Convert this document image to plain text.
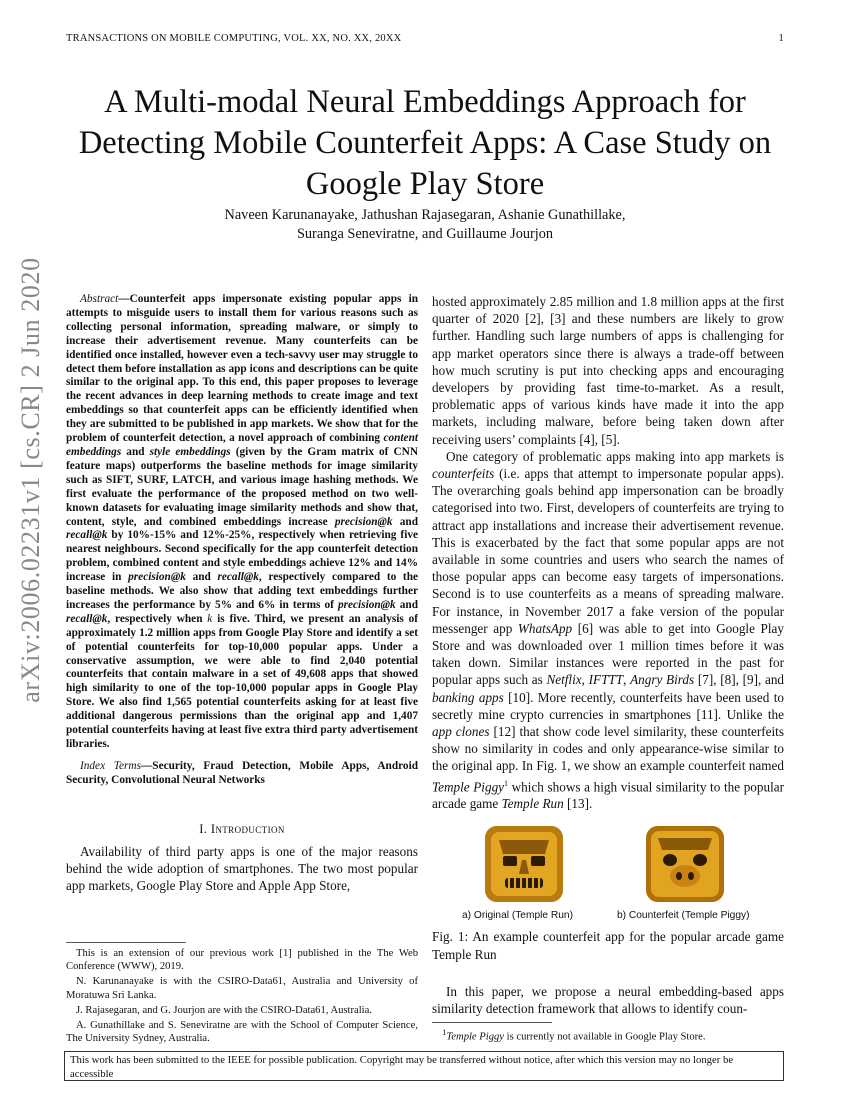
TRANSACTIONS ON MOBILE COMPUTING, VOL. XX, NO. XX, 20XX	1
A Multi-modal Neural Embeddings Approach for Detecting Mobile Counterfeit Apps: A Case Study on Google Play Store
Naveen Karunanayake, Jathushan Rajasegaran, Ashanie Gunathillake,
Suranga Seneviratne, and Guillaume Jourjon
arXiv:2006.02231v1 [cs.CR] 2 Jun 2020	Abstract—Counterfeit apps impersonate existing popular apps in attempts to misguide users to install them for various reasons such as collecting personal information, spreading malware, or simply to increase their advertisement revenue. Many counterfeits can be identified once installed, however even a tech-savvy user may struggle to detect them before installation as app icons and descriptions can be quite similar to the original app. To this end, this paper proposes to leverage the recent advances in deep learning methods to create image and text embeddings so that counterfeit apps can be efficiently identified when they are submitted to be published in app markets. We show that for the problem of counterfeit detection, a novel approach of combining content embeddings and style embeddings (given by the Gram matrix of CNN feature maps) outperforms the baseline methods for image similarity such as SIFT, SURF, LATCH, and various image hashing methods. We first evaluate the performance of the proposed method on two well-known datasets for evaluating image similarity methods and show that, content, style, and combined embeddings increase precision@k and recall@k by 10%-15% and 12%-25%, respectively when retrieving five nearest neighbours. Second specifically for the app counterfeit detection problem, combined content and style embeddings achieve 12% and 14% increase in precision@k and recall@k, respectively compared to the baseline methods. We also show that adding text embeddings further increases the performance by 5% and 6% in terms of precision@k and recall@k, respectively when k is five. Third, we present an analysis of approximately 1.2 million apps from Google Play Store and identify a set of potential counterfeits for top-10,000 popular apps. Under a conservative assumption, we were able to find 2,040 potential counterfeits that contain malware in a set of 49,608 apps that showed high similarity to one of the top-10,000 popular apps in Google Play Store. We also find 1,565 potential counterfeits asking for at least five additional dangerous permissions than the original app and 1,407 potential counterfeits having at least five extra third party advertisement libraries.

Index Terms—Security, Fraud Detection, Mobile Apps, Android Security, Convolutional Neural Networks

I. Introduction

Availability of third party apps is one of the major reasons behind the wide adoption of smartphones. The two most popular app markets, Google Play Store and Apple App Store,

This is an extension of our previous work [1] published in the The Web Conference (WWW), 2019.

N. Karunanayake is with the CSIRO-Data61, Australia and University of Moratuwa Sri Lanka.

J. Rajasegaran, and G. Jourjon are with the CSIRO-Data61, Australia.

A. Gunathillake and S. Seneviratne are with the School of Computer Science, The University Sydney, Australia.

hosted approximately 2.85 million and 1.8 million apps at the first quarter of 2020 [2], [3] and these numbers are likely to grow further. Handling such large numbers of apps is challenging for app market operators since there is always a trade-off between how much scrutiny is put into checking apps and encouraging developers by providing fast time-to-market. As a result, problematic apps of various kinds have made it into the app markets, including malware, before being taken down after receiving users’ complaints [4], [5].

One category of problematic apps making into app markets is counterfeits (i.e. apps that attempt to impersonate popular apps). The overarching goals behind app impersonation can be broadly categorised into two. First, developers of counterfeits are trying to attract app installations and increase their advertisement revenue. This is exacerbated by the fact that some popular apps are not available in some countries and users who search the names of those popular apps can become easy targets of impersonations. Second is to use counterfeits as a means of spreading malware. For instance, in November 2017 a fake version of the popular messenger app WhatsApp [6] was able to get into Google Play Store and was downloaded over 1 million times before it was taken down. Similar instances were reported in the past for popular apps such as Netflix, IFTTT, Angry Birds [7], [8], [9], and banking apps [10]. More recently, counterfeits have been used to secretly mine crypto currencies in smartphones [11]. Unlike the app clones [12] that show code level similarity, these counterfeits show no similarity in codes and only appearance-wise similar to the original app. In Fig. 1, we show an example counterfeit named Temple Piggy$^1$ which shows a high visual similarity to the popular arcade game Temple Run [13].

a) Original (Temple Run)	b) Counterfeit (Temple Piggy)

Fig. 1: An example counterfeit app for the popular arcade game Temple Run

In this paper, we propose a neural embedding-based apps similarity detection framework that allows to identify coun-

$^1$Temple Piggy is currently not available in Google Play Store.
This work has been submitted to the IEEE for possible publication. Copyright may be transferred without notice, after which this version may no longer be accessible
